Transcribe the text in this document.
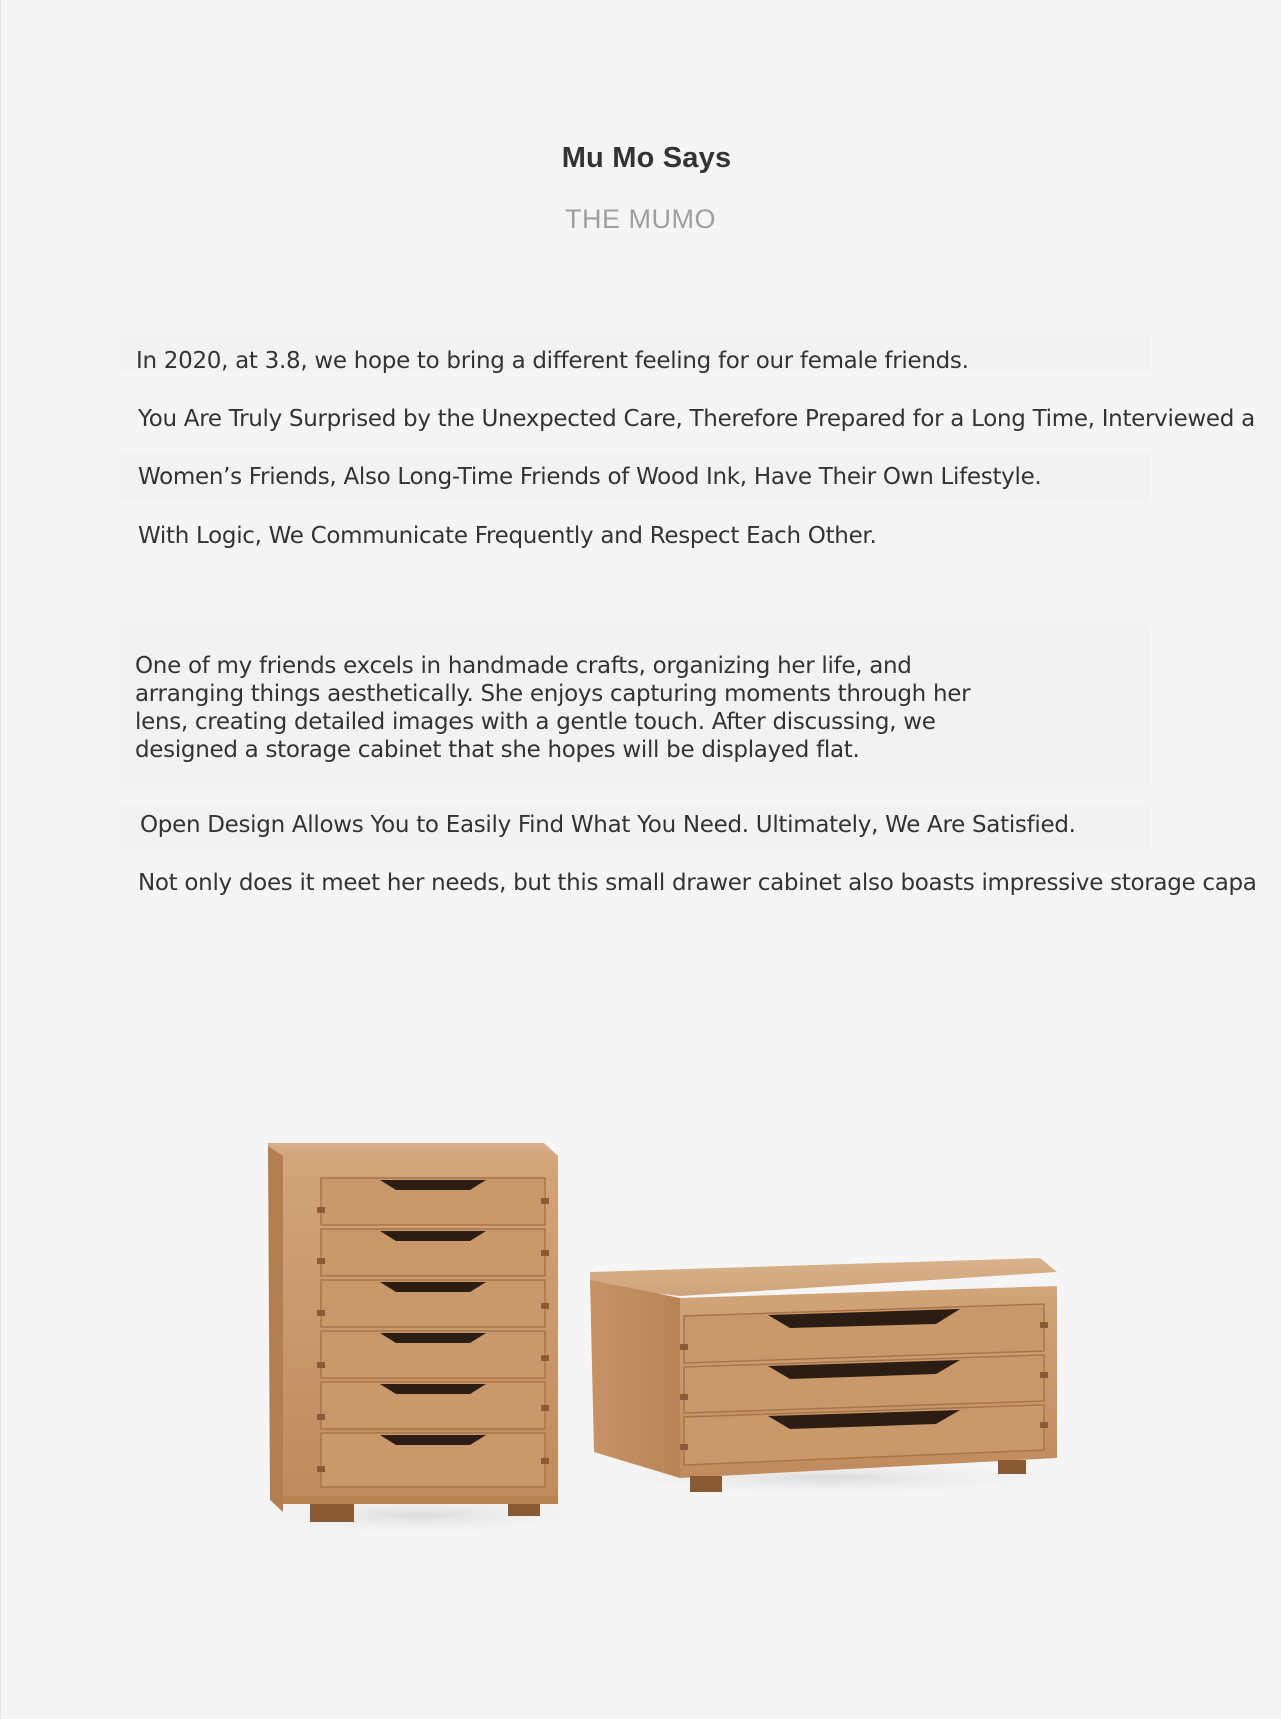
Mu Mo Says
THE MUMO
In 2020, at 3.8, we hope to bring a different feeling for our female friends.
You Are Truly Surprised by the Unexpected Care, Therefore Prepared for a Long Time, Interviewed a
Women’s Friends, Also Long-Time Friends of Wood Ink, Have Their Own Lifestyle.
With Logic, We Communicate Frequently and Respect Each Other.
One of my friends excels in handmade crafts, organizing her life, and arranging things aesthetically. She enjoys capturing moments through her lens, creating detailed images with a gentle touch. After discussing, we designed a storage cabinet that she hopes will be displayed flat.
Open Design Allows You to Easily Find What You Need. Ultimately, We Are Satisfied.
Not only does it meet her needs, but this small drawer cabinet also boasts impressive storage capa
